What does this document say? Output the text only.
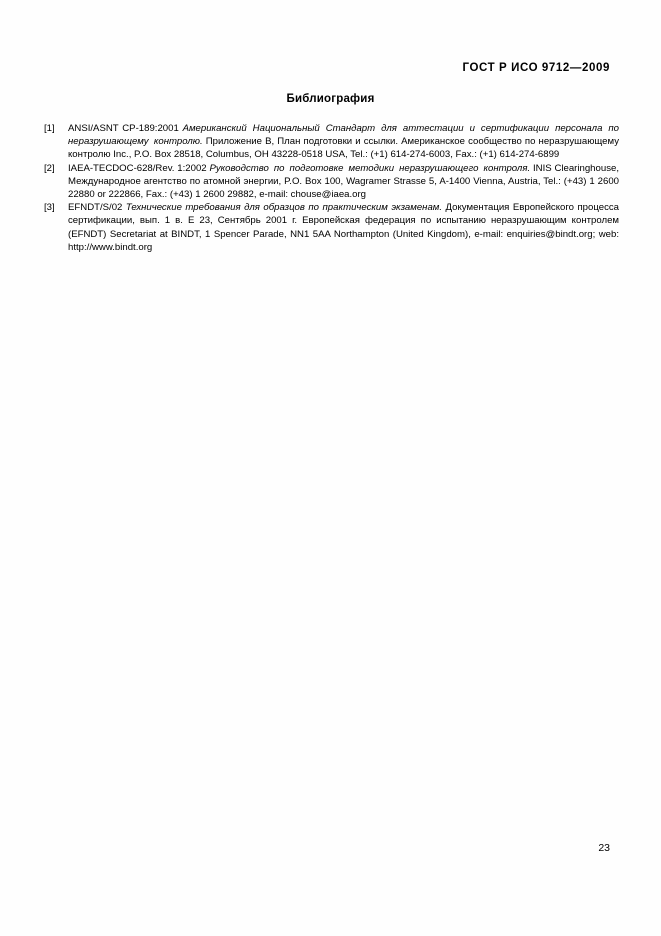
ГОСТ Р ИСО 9712—2009
Библиография
[1]	ANSI/ASNT CP-189:2001 Американский Национальный Стандарт для аттестации и сертификации персонала по неразрушающему контролю. Приложение B, План подготовки и ссылки. Американское сообщество по неразрушающему контролю Inc., P.O. Box 28518, Columbus, OH 43228-0518 USA, Tel.: (+1) 614-274-6003, Fax.: (+1) 614-274-6899
[2]	IAEA-TECDOC-628/Rev. 1:2002 Руководство по подготовке методики неразрушающего контроля. INIS Clearinghouse, Международное агентство по атомной энергии, P.O. Box 100, Wagramer Strasse 5, A-1400 Vienna, Austria, Tel.: (+43) 1 2600 22880 or 222866, Fax.: (+43) 1 2600 29882, e-mail: chouse@iaea.org
[3]	EFNDT/S/02 Технические требования для образцов по практическим экзаменам. Документация Европейского процесса сертификации, вып. 1 в. E 23, Сентябрь 2001 г. Европейская федерация по испытанию неразрушающим контролем (EFNDT) Secretariat at BINDT, 1 Spencer Parade, NN1 5AA Northampton (United Kingdom), e-mail: enquiries@bindt.org; web: http://www.bindt.org
23
